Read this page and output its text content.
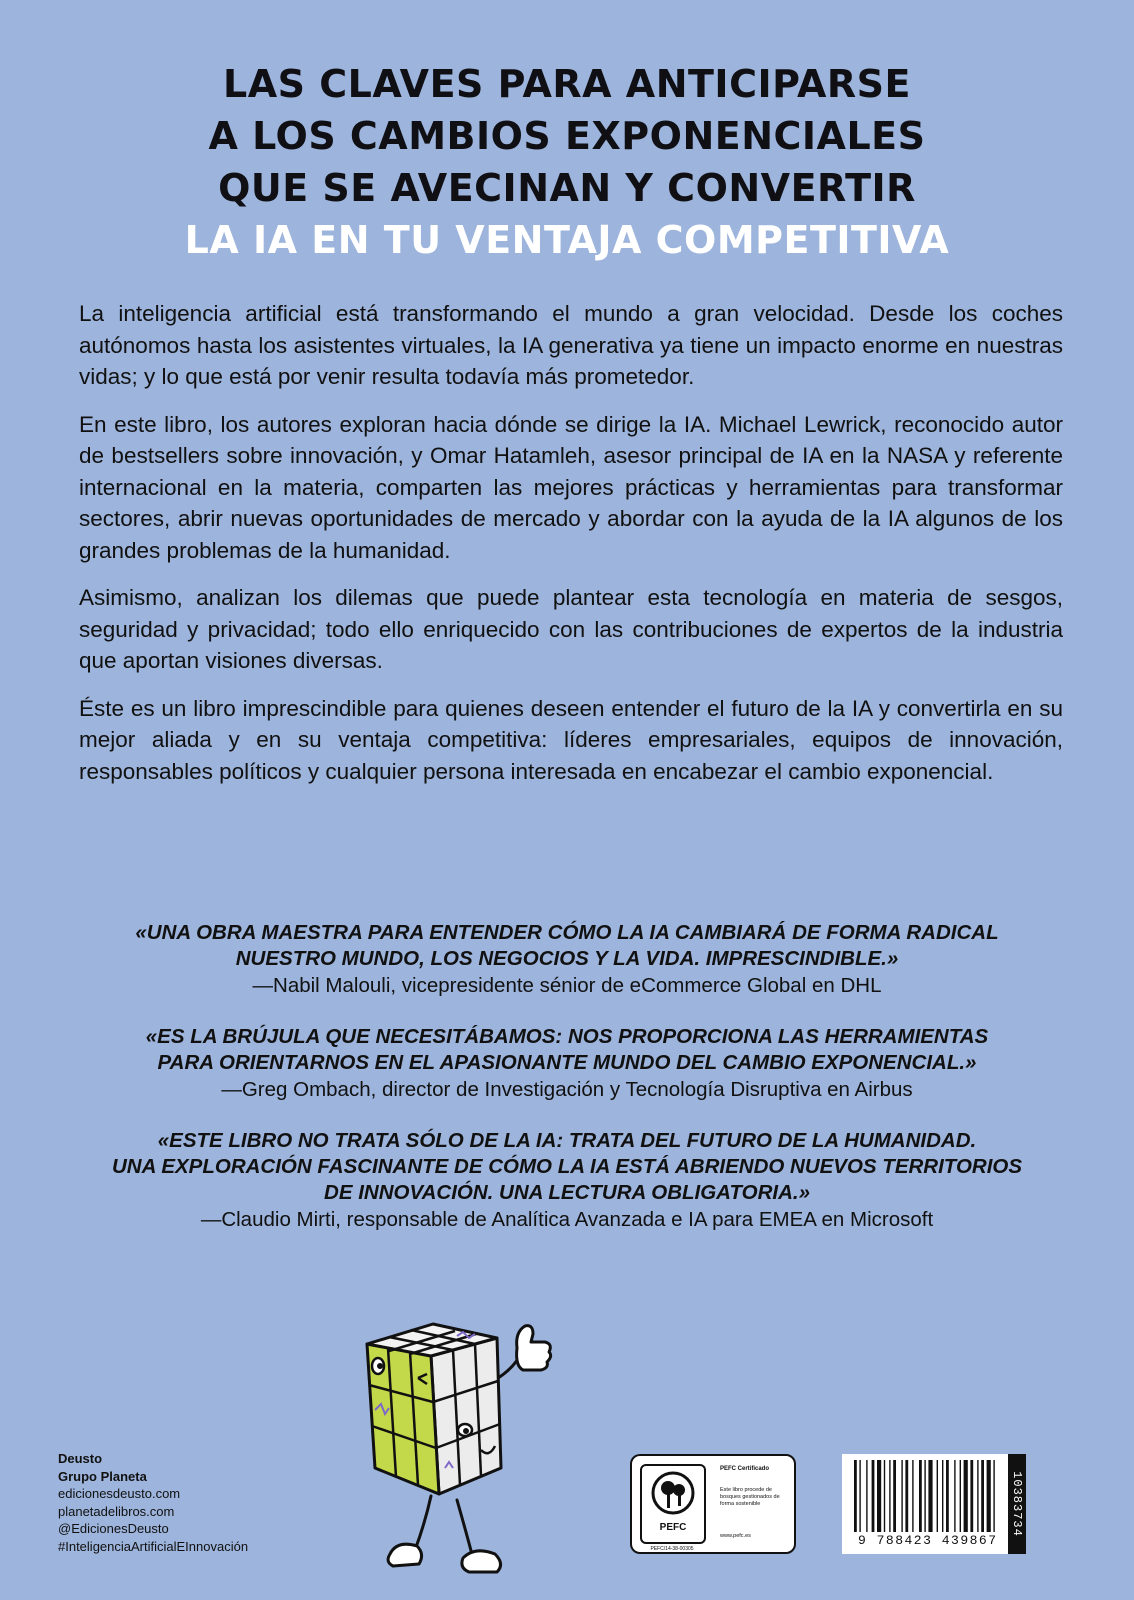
LAS CLAVES PARA ANTICIPARSE
A LOS CAMBIOS EXPONENCIALES
QUE SE AVECINAN Y CONVERTIR
LA IA EN TU VENTAJA COMPETITIVA

La inteligencia artificial está transformando el mundo a gran velocidad. Desde los coches autónomos hasta los asistentes virtuales, la IA generativa ya tiene un impacto enorme en nuestras vidas; y lo que está por venir resulta todavía más prometedor.

En este libro, los autores exploran hacia dónde se dirige la IA. Michael Lewrick, reconocido autor de bestsellers sobre innovación, y Omar Hatamleh, asesor principal de IA en la NASA y referente internacional en la materia, comparten las mejores prácticas y herramientas para transformar sectores, abrir nuevas oportunidades de mercado y abordar con la ayuda de la IA algunos de los grandes problemas de la humanidad.

Asimismo, analizan los dilemas que puede plantear esta tecnología en materia de sesgos, seguridad y privacidad; todo ello enriquecido con las contribuciones de expertos de la industria que aportan visiones diversas.

Éste es un libro imprescindible para quienes deseen entender el futuro de la IA y convertirla en su mejor aliada y en su ventaja competitiva: líderes empresariales, equipos de innovación, responsables políticos y cualquier persona interesada en encabezar el cambio exponencial.

«UNA OBRA MAESTRA PARA ENTENDER CÓMO LA IA CAMBIARÁ DE FORMA RADICAL
NUESTRO MUNDO, LOS NEGOCIOS Y LA VIDA. IMPRESCINDIBLE.»
—Nabil Malouli, vicepresidente sénior de eCommerce Global en DHL
«ES LA BRÚJULA QUE NECESITÁBAMOS: NOS PROPORCIONA LAS HERRAMIENTAS
PARA ORIENTARNOS EN EL APASIONANTE MUNDO DEL CAMBIO EXPONENCIAL.»
—Greg Ombach, director de Investigación y Tecnología Disruptiva en Airbus
«ESTE LIBRO NO TRATA SÓLO DE LA IA: TRATA DEL FUTURO DE LA HUMANIDAD.
UNA EXPLORACIÓN FASCINANTE DE CÓMO LA IA ESTÁ ABRIENDO NUEVOS TERRITORIOS
DE INNOVACIÓN. UNA LECTURA OBLIGATORIA.»
—Claudio Mirti, responsable de Analítica Avanzada e IA para EMEA en Microsoft
Deusto
Grupo Planeta
edicionesdeusto.com
planetadelibros.com
@EdicionesDeusto
#InteligenciaArtificialEInnovación
PEFC
PEFC/14-38-00305
PEFC Certificado
Este libro procede de bosques gestionados de forma sostenible
www.pefc.es	9 788423 439867
10383734
